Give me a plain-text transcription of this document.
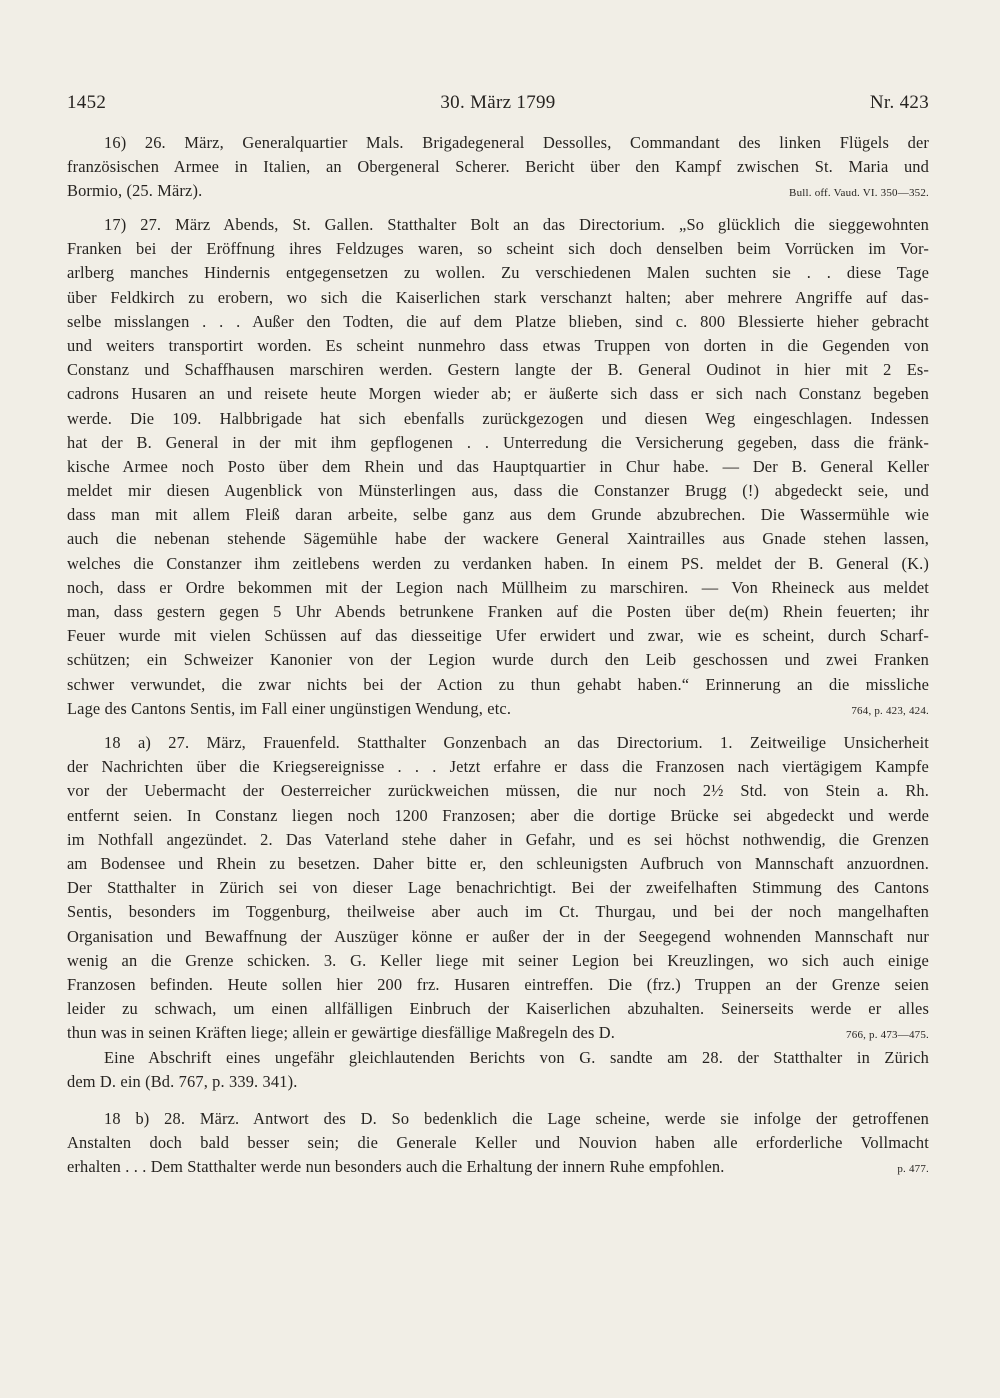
1452	30. März 1799	Nr. 423
16) 26. März, Generalquartier Mals. Brigadegeneral Dessolles, Commandant des linken Flügels der
französischen Armee in Italien, an Obergeneral Scherer. Bericht über den Kampf zwischen St. Maria und
Bormio, (25. März).	Bull. off. Vaud. VI. 350—352.
17) 27. März Abends, St. Gallen. Statthalter Bolt an das Directorium. „So glücklich die sieggewohnten
Franken bei der Eröffnung ihres Feldzuges waren, so scheint sich doch denselben beim Vorrücken im Vor-
arlberg manches Hindernis entgegensetzen zu wollen. Zu verschiedenen Malen suchten sie . . diese Tage
über Feldkirch zu erobern, wo sich die Kaiserlichen stark verschanzt halten; aber mehrere Angriffe auf das-
selbe misslangen . . . Außer den Todten, die auf dem Platze blieben, sind c. 800 Blessierte hieher gebracht
und weiters transportirt worden. Es scheint nunmehro dass etwas Truppen von dorten in die Gegenden von
Constanz und Schaffhausen marschiren werden. Gestern langte der B. General Oudinot in hier mit 2 Es-
cadrons Husaren an und reisete heute Morgen wieder ab; er äußerte sich dass er sich nach Constanz begeben
werde. Die 109. Halbbrigade hat sich ebenfalls zurückgezogen und diesen Weg eingeschlagen. Indessen
hat der B. General in der mit ihm gepflogenen . . Unterredung die Versicherung gegeben, dass die fränk-
kische Armee noch Posto über dem Rhein und das Hauptquartier in Chur habe. — Der B. General Keller
meldet mir diesen Augenblick von Münsterlingen aus, dass die Constanzer Brugg (!) abgedeckt seie, und
dass man mit allem Fleiß daran arbeite, selbe ganz aus dem Grunde abzubrechen. Die Wassermühle wie
auch die nebenan stehende Sägemühle habe der wackere General Xaintrailles aus Gnade stehen lassen,
welches die Constanzer ihm zeitlebens werden zu verdanken haben. In einem PS. meldet der B. General (K.)
noch, dass er Ordre bekommen mit der Legion nach Müllheim zu marschiren. — Von Rheineck aus meldet
man, dass gestern gegen 5 Uhr Abends betrunkene Franken auf die Posten über de(m) Rhein feuerten; ihr
Feuer wurde mit vielen Schüssen auf das diesseitige Ufer erwidert und zwar, wie es scheint, durch Scharf-
schützen; ein Schweizer Kanonier von der Legion wurde durch den Leib geschossen und zwei Franken
schwer verwundet, die zwar nichts bei der Action zu thun gehabt haben.“ Erinnerung an die missliche
Lage des Cantons Sentis, im Fall einer ungünstigen Wendung, etc.	764, p. 423, 424.
18 a) 27. März, Frauenfeld. Statthalter Gonzenbach an das Directorium. 1. Zeitweilige Unsicherheit
der Nachrichten über die Kriegsereignisse . . . Jetzt erfahre er dass die Franzosen nach viertägigem Kampfe
vor der Uebermacht der Oesterreicher zurückweichen müssen, die nur noch 2½ Std. von Stein a. Rh.
entfernt seien. In Constanz liegen noch 1200 Franzosen; aber die dortige Brücke sei abgedeckt und werde
im Nothfall angezündet. 2. Das Vaterland stehe daher in Gefahr, und es sei höchst nothwendig, die Grenzen
am Bodensee und Rhein zu besetzen. Daher bitte er, den schleunigsten Aufbruch von Mannschaft anzuordnen.
Der Statthalter in Zürich sei von dieser Lage benachrichtigt. Bei der zweifelhaften Stimmung des Cantons
Sentis, besonders im Toggenburg, theilweise aber auch im Ct. Thurgau, und bei der noch mangelhaften
Organisation und Bewaffnung der Auszüger könne er außer der in der Seegegend wohnenden Mannschaft nur
wenig an die Grenze schicken. 3. G. Keller liege mit seiner Legion bei Kreuzlingen, wo sich auch einige
Franzosen befinden. Heute sollen hier 200 frz. Husaren eintreffen. Die (frz.) Truppen an der Grenze seien
leider zu schwach, um einen allfälligen Einbruch der Kaiserlichen abzuhalten. Seinerseits werde er alles
thun was in seinen Kräften liege; allein er gewärtige diesfällige Maßregeln des D.	766, p. 473—475.
Eine Abschrift eines ungefähr gleichlautenden Berichts von G. sandte am 28. der Statthalter in Zürich
dem D. ein (Bd. 767, p. 339. 341).
18 b) 28. März. Antwort des D. So bedenklich die Lage scheine, werde sie infolge der getroffenen
Anstalten doch bald besser sein; die Generale Keller und Nouvion haben alle erforderliche Vollmacht
erhalten . . . Dem Statthalter werde nun besonders auch die Erhaltung der innern Ruhe empfohlen.	p. 477.
